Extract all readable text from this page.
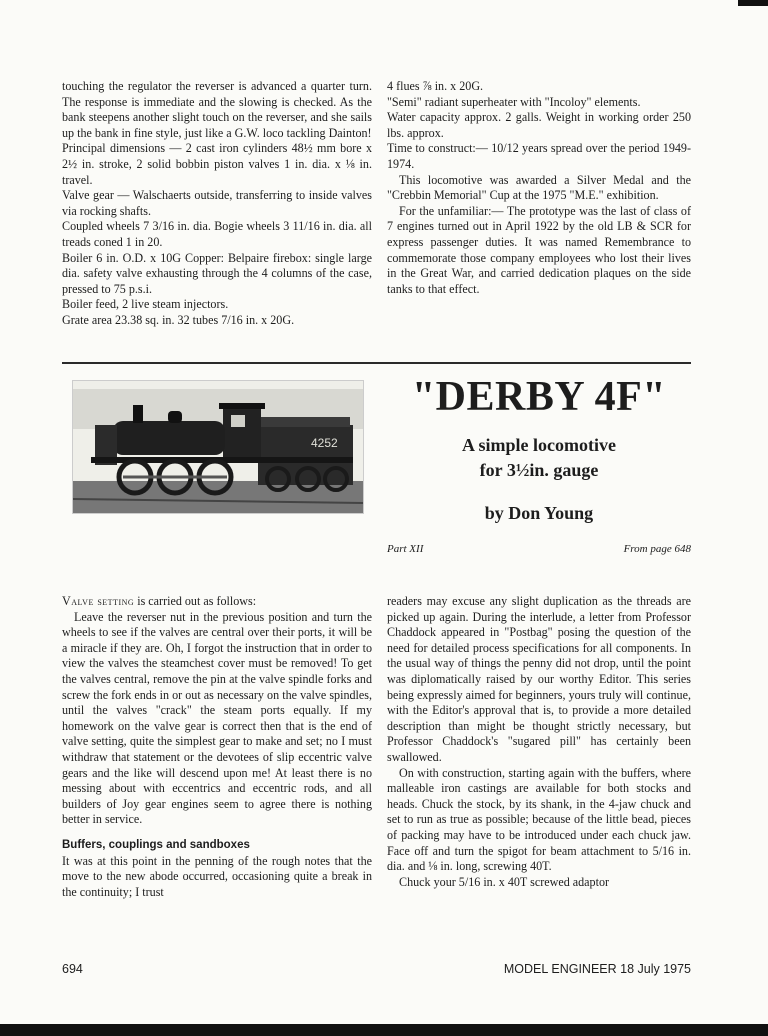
touching the regulator the reverser is advanced a quarter turn. The response is immediate and the slowing is checked. As the bank steepens another slight touch on the reverser, and she sails up the bank in fine style, just like a G.W. loco tackling Dainton!

Principal dimensions — 2 cast iron cylinders 48½ mm bore x 2½ in. stroke, 2 solid bobbin piston valves 1 in. dia. x ⅛ in. travel.

Valve gear — Walschaerts outside, transferring to inside valves via rocking shafts.

Coupled wheels 7 3/16 in. dia. Bogie wheels 3 11/16 in. dia. all treads coned 1 in 20.

Boiler 6 in. O.D. x 10G Copper: Belpaire firebox: single large dia. safety valve exhausting through the 4 columns of the case, pressed to 75 p.s.i.

Boiler feed, 2 live steam injectors.

Grate area 23.38 sq. in. 32 tubes 7/16 in. x 20G.

4 flues ⅞ in. x 20G.

"Semi" radiant superheater with "Incoloy" elements.

Water capacity approx. 2 galls. Weight in working order 250 lbs. approx.

Time to construct:— 10/12 years spread over the period 1949-1974.

This locomotive was awarded a Silver Medal and the "Crebbin Memorial" Cup at the 1975 "M.E." exhibition.

For the unfamiliar:— The prototype was the last of class of 7 engines turned out in April 1922 by the old LB & SCR for express passenger duties. It was named Remembrance to commemorate those company employees who lost their lives in the Great War, and carried dedication plaques on the side tanks to that effect.

4252
"DERBY 4F"
A simple locomotive
for 3½in. gauge
by Don Young
Part XII	From page 648

Valve setting is carried out as follows:

Leave the reverser nut in the previous position and turn the wheels to see if the valves are central over their ports, it will be a miracle if they are. Oh, I forgot the instruction that in order to view the valves the steamchest cover must be removed! To get the valves central, remove the pin at the valve spindle forks and screw the fork ends in or out as necessary on the valve spindles, until the valves "crack" the steam ports equally. If my homework on the valve gear is correct then that is the end of valve setting, quite the simplest gear to make and set; no I must withdraw that statement or the devotees of slip eccentric valve gears and the like will descend upon me! At least there is no messing about with eccentrics and eccentric rods, and all builders of Joy gear engines seem to agree there is nothing better in service.

Buffers, couplings and sandboxes

It was at this point in the penning of the rough notes that the move to the new abode occurred, occasioning quite a break in the continuity; I trust

readers may excuse any slight duplication as the threads are picked up again. During the interlude, a letter from Professor Chaddock appeared in "Postbag" posing the question of the need for detailed process specifications for all components. In the usual way of things the penny did not drop, until the point was diplomatically raised by our worthy Editor. This series being expressly aimed for beginners, yours truly will continue, with the Editor's approval that is, to provide a more detailed description than might be thought strictly necessary, but Professor Chaddock's "sugared pill" has certainly been swallowed.

On with construction, starting again with the buffers, where malleable iron castings are available for both stocks and heads. Chuck the stock, by its shank, in the 4-jaw chuck and set to run as true as possible; because of the little bead, pieces of packing may have to be introduced under each chuck jaw. Face off and turn the spigot for beam attachment to 5/16 in. dia. and ⅛ in. long, screwing 40T.

Chuck your 5/16 in. x 40T screwed adaptor

694	MODEL ENGINEER 18 July 1975
